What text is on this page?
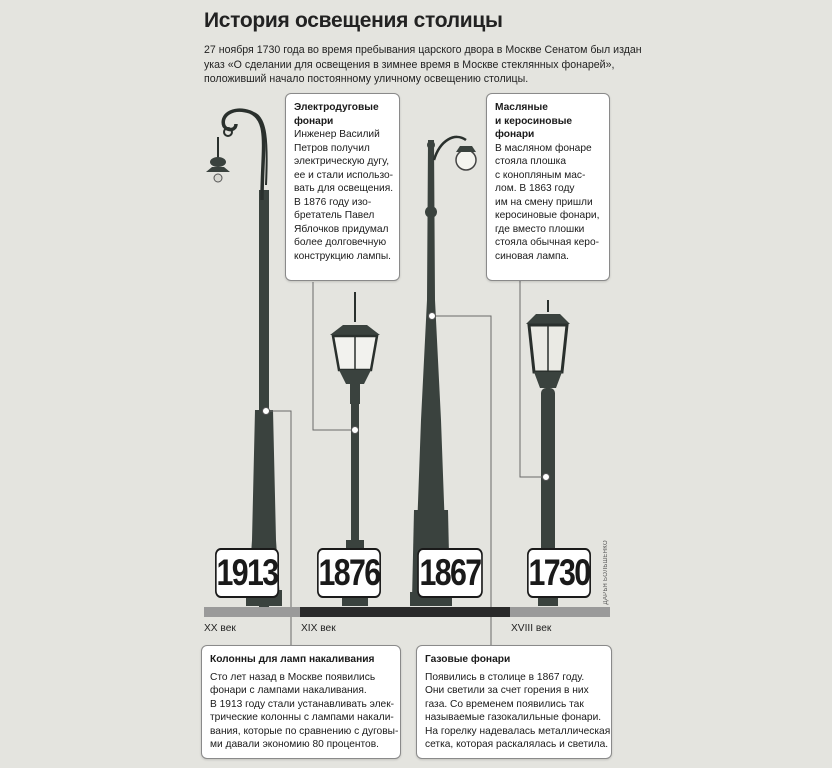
История освещения столицы
27 ноября 1730 года во время пребывания царского двора в Москве Сенатом был издан
указ «О сделании для освещения в зимнее время в Москве стеклянных фонарей»,
положивший начало постоянному уличному освещению столицы.
Электродуговые
фонари
Инженер Василий
Петров получил
электрическую дугу,
ее и стали использо-
вать для освещения.
В 1876 году изо-
бретатель Павел
Яблочков придумал
более долговечную
конструкцию лампы.
Масляные
и керосиновые
фонари
В масляном фонаре
стояла плошка
с конопляным мас-
лом. В 1863 году
им на смену пришли
керосиновые фонари,
где вместо плошки
стояла обычная керо-
синовая лампа.
Колонны для ламп накаливания
Сто лет назад в Москве появились
фонари с лампами накаливания.
В 1913 году стали устанавливать элек-
трические колонны с лампами накали-
вания, которые по сравнению с дуговы-
ми давали экономию 80 процентов.
Газовые фонари
Появились в столице в 1867 году.
Они светили за счет горения в них
газа. Со временем появились так
называемые газокалильные фонари.
На горелку надевалась металлическая
сетка, которая раскалялась и светила.
1913 1876 1867 1730
XX век	XIX век	XVIII век
ДАРЬЯ БОЛЬШЕНКО
